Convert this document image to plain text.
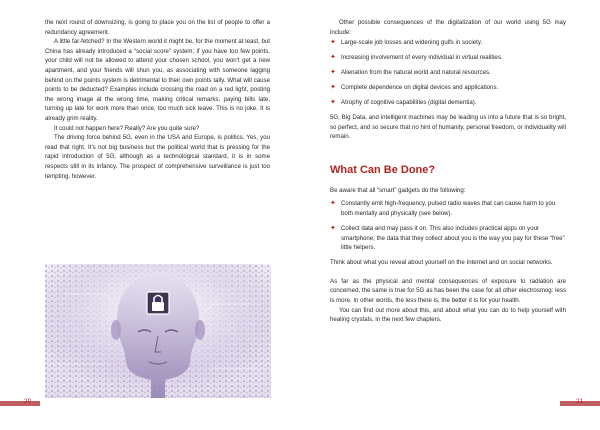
the next round of downsizing, is going to place you on the list of people to offer a redundancy agreement.

A little far-fetched? In the Western world it might be, for the moment at least, but China has already introduced a “social score” system; if you have too few points, your child will not be allowed to attend your chosen school, you won’t get a new apartment, and your friends will shun you, as associating with someone lagging behind on the points system is detrimental to their own points tally. What will cause points to be deducted? Examples include crossing the road on a red light, posting the wrong image at the wrong time, making critical remarks, paying bills late, turning up late for work more than once, too much sick leave. This is no joke. It is already grim reality.

It could not happen here? Really? Are you quite sure?

The driving force behind 5G, even in the USA and Europe, is politics. Yes, you read that right. It’s not big business but the political world that is pressing for the rapid introduction of 5G, although as a technological standard, it is in some respects still in its infancy. The prospect of comprehensive surveillance is just too tempting, however.

20

Other possible consequences of the digitalization of our world using 5G may include:

✦ Large-scale job losses and widening gulfs in society.
✦ Increasing involvement of every individual in virtual realities.
✦ Alienation from the natural world and natural resources.
✦ Complete dependence on digital devices and applications.
✦ Atrophy of cognitive capabilities (digital dementia).

5G, Big Data, and intelligent machines may be leading us into a future that is so bright, so perfect, and so secure that no hint of humanity, personal freedom, or individuality will remain.

What Can Be Done?

Be aware that all “smart” gadgets do the following:

✦ Constantly emit high-frequency, pulsed radio waves that can cause harm to you both mentally and physically (see below).
✦ Collect data and may pass it on. This also includes practical apps on your smartphone; the data that they collect about you is the way you pay for these “free” little helpers.

Think about what you reveal about yourself on the Internet and on social networks.

As far as the physical and mental consequences of exposure to radiation are concerned, the same is true for 5G as has been the case for all other electrosmog: less is more. In other words, the less there is, the better it is for your health.

You can find out more about this, and about what you can do to help yourself with healing crystals, in the next few chapters.

21
